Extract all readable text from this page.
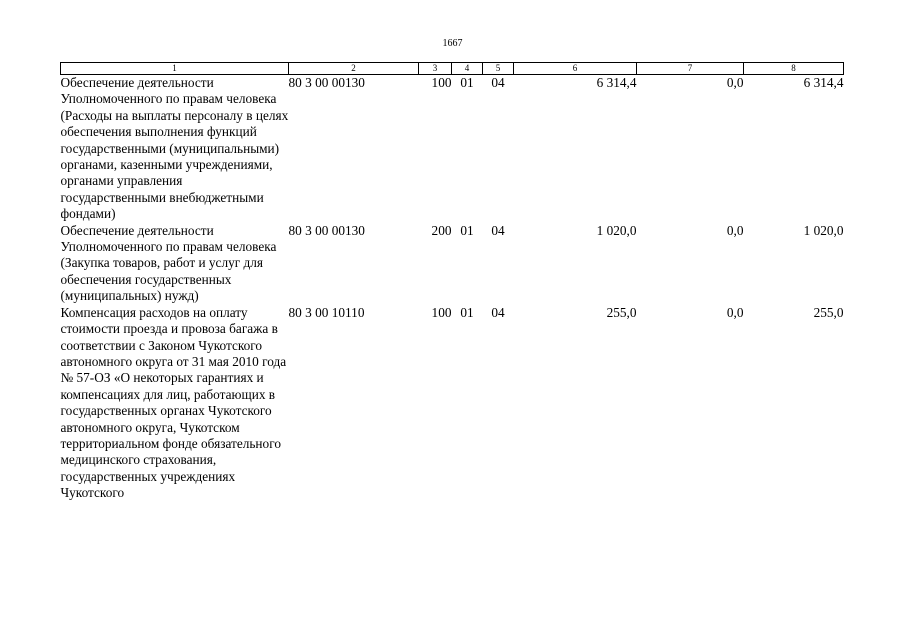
1667
1	2	3	4	5	6	7	8
Обеспечение деятельности Уполномоченного по правам человека (Расходы на выплаты персоналу в целях обеспечения выполнения функций государственными (муниципальными) органами, казенными учреждениями, органами управления государственными внебюджетными фондами)	80 3 00 00130	100	01	04	6 314,4	0,0	6 314,4
Обеспечение деятельности Уполномоченного по правам человека (Закупка товаров, работ и услуг для обеспечения государственных (муниципальных) нужд)	80 3 00 00130	200	01	04	1 020,0	0,0	1 020,0
Компенсация расходов на оплату стоимости проезда и провоза багажа в соответствии с Законом Чукотского автономного округа от 31 мая 2010 года № 57-ОЗ «О некоторых гарантиях и компенсациях для лиц, работающих в государственных органах Чукотского автономного округа, Чукотском территориальном фонде обязательного медицинского страхования, государственных учреждениях Чукотского	80 3 00 10110	100	01	04	255,0	0,0	255,0
